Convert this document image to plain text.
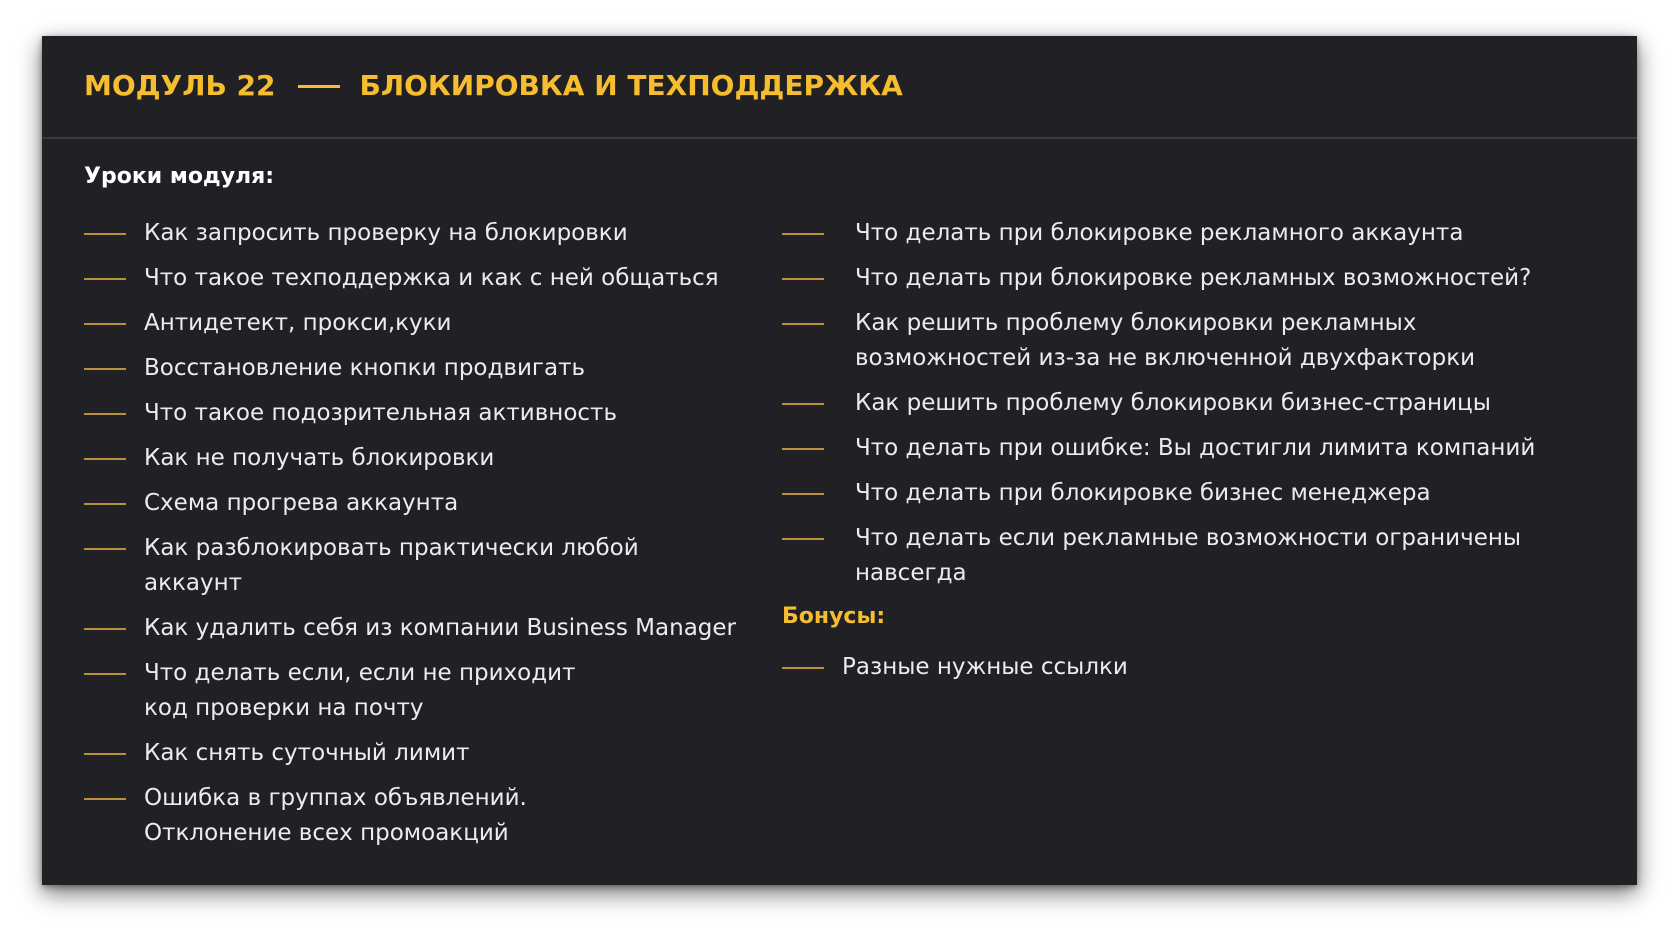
МОДУЛЬ 22	БЛОКИРОВКА И ТЕХПОДДЕРЖКА
Уроки модуля:
Как запросить проверку на блокировки
Что такое техподдержка и как с ней общаться
Антидетект, прокси,куки
Восстановление кнопки продвигать
Что такое подозрительная активность
Как не получать блокировки
Схема прогрева аккаунта
Как разблокировать практически любой аккаунт
Как удалить себя из компании Business Manager
Что делать если, если не приходит
код проверки на почту
Как снять суточный лимит
Ошибка в группах объявлений.
Отклонение всех промоакций
Что делать при блокировке рекламного аккаунта
Что делать при блокировке рекламных возможностей?
Как решить проблему блокировки рекламных
возможностей из-за не включенной двухфакторки
Как решить проблему блокировки бизнес-страницы
Что делать при ошибке: Вы достигли лимита компаний
Что делать при блокировке бизнес менеджера
Что делать если рекламные возможности ограничены навсегда
Бонусы:
Разные нужные ссылки
